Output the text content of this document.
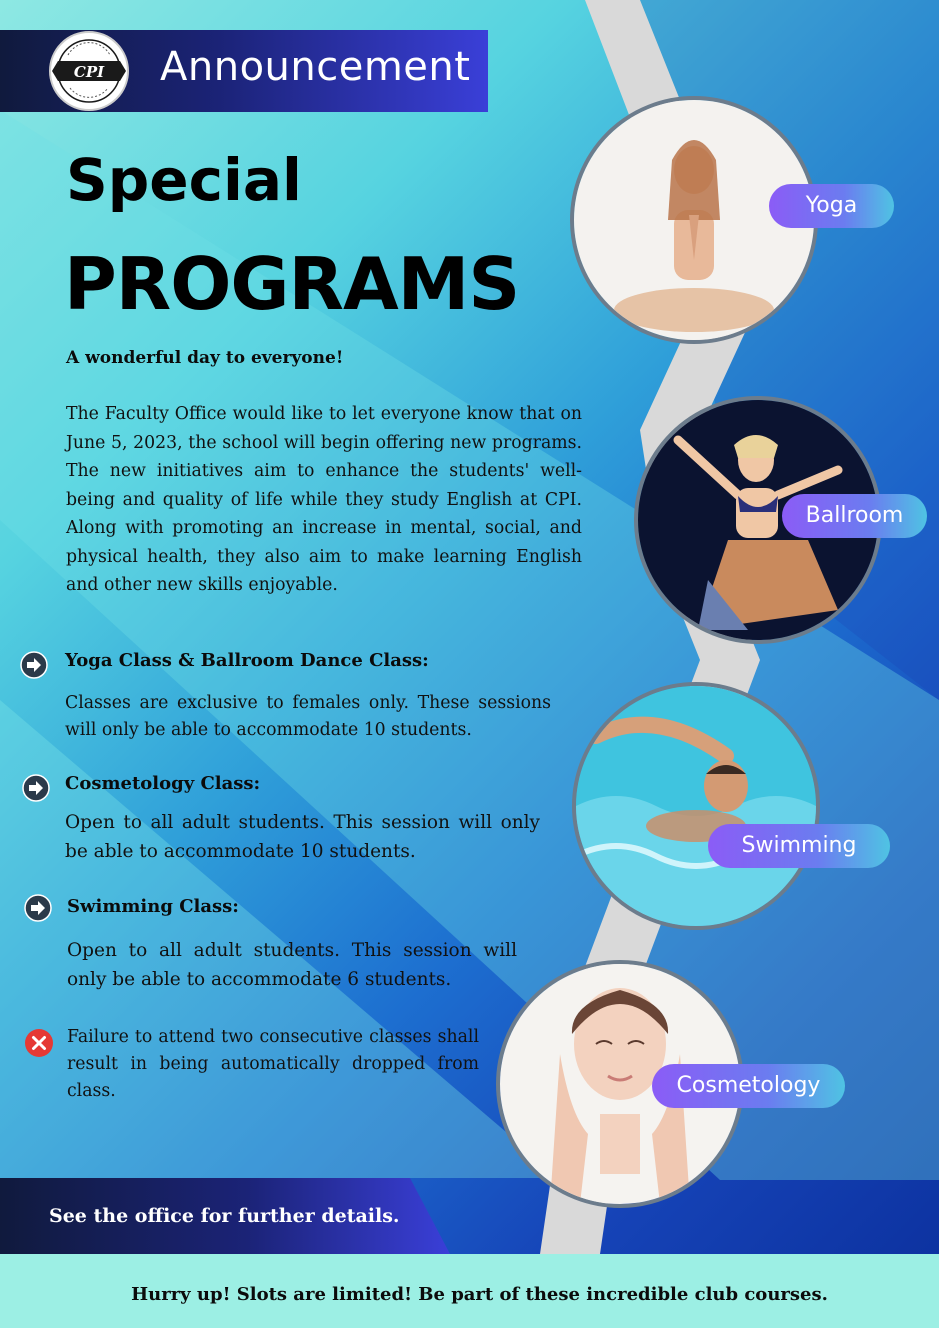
CPI Announcement
Special
PROGRAMS
A wonderful day to everyone!
The Faculty Office would like to let everyone know that on June 5, 2023, the school will begin offering new programs. The new initiatives aim to enhance the students' well-being and quality of life while they study English at CPI. Along with promoting an increase in mental, social, and physical health, they also aim to make learning English and other new skills enjoyable.
Yoga Class & Ballroom Dance Class:
Classes are exclusive to females only. These sessions will only be able to accommodate 10 students.
Cosmetology Class:
Open to all adult students. This session will only be able to accommodate 10 students.
Swimming Class:
Open to all adult students. This session will only be able to accommodate 6 students.
Failure to attend two consecutive classes shall result in being automatically dropped from class.
Yoga
Ballroom
Swimming
Cosmetology
See the office for further details.
Hurry up! Slots are limited! Be part of these incredible club courses.
